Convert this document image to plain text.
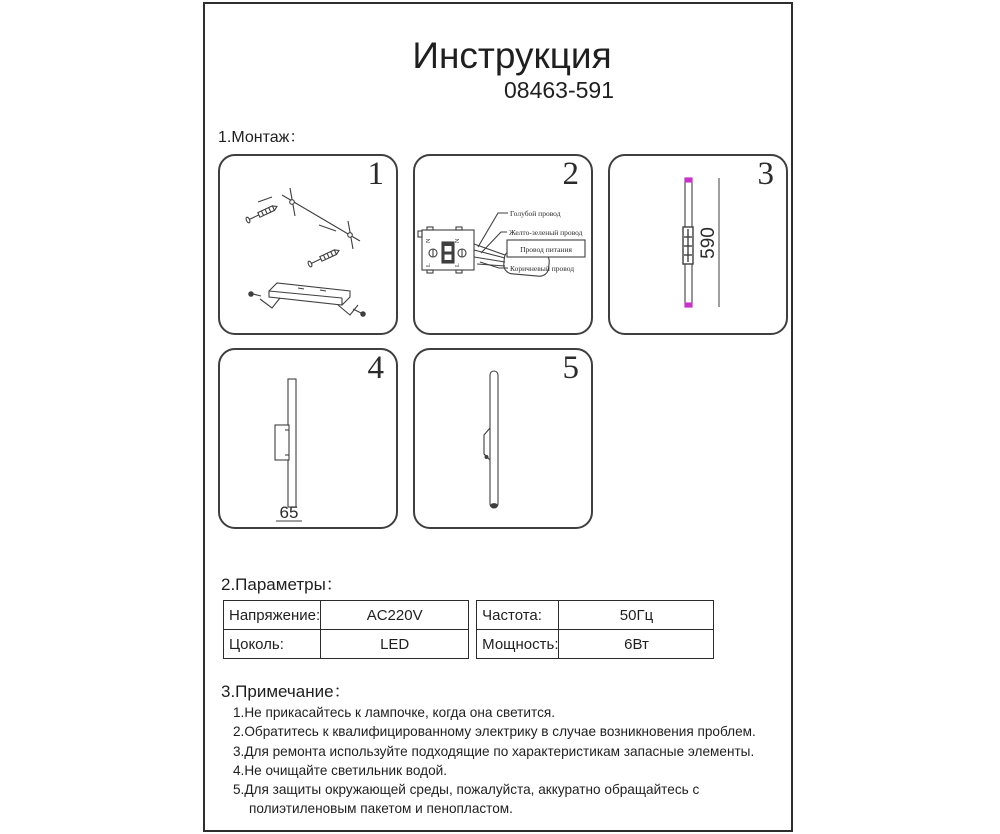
Инструкция
08463-591
1.Монтаж：
1
N
L
N
L
Голубой провод
Желто-зеленый провод
Провод питания
Коричневый провод
2
590
3
65
4	5
2.Параметры：
Напряжение:	AC220V
Цоколь:	LED
Частота:	50Гц
Мощность:	6Вт
3.Примечание：
1.Не прикасайтесь к лампочке, когда она светится.
2.Обратитесь к квалифицированному электрику в случае возникновения проблем.
3.Для ремонта используйте подходящие по характеристикам запасные элементы.
4.Не очищайте светильник водой.
5.Для защиты окружающей среды, пожалуйста, аккуратно обращайтесь с полиэтиленовым пакетом и пенопластом.
